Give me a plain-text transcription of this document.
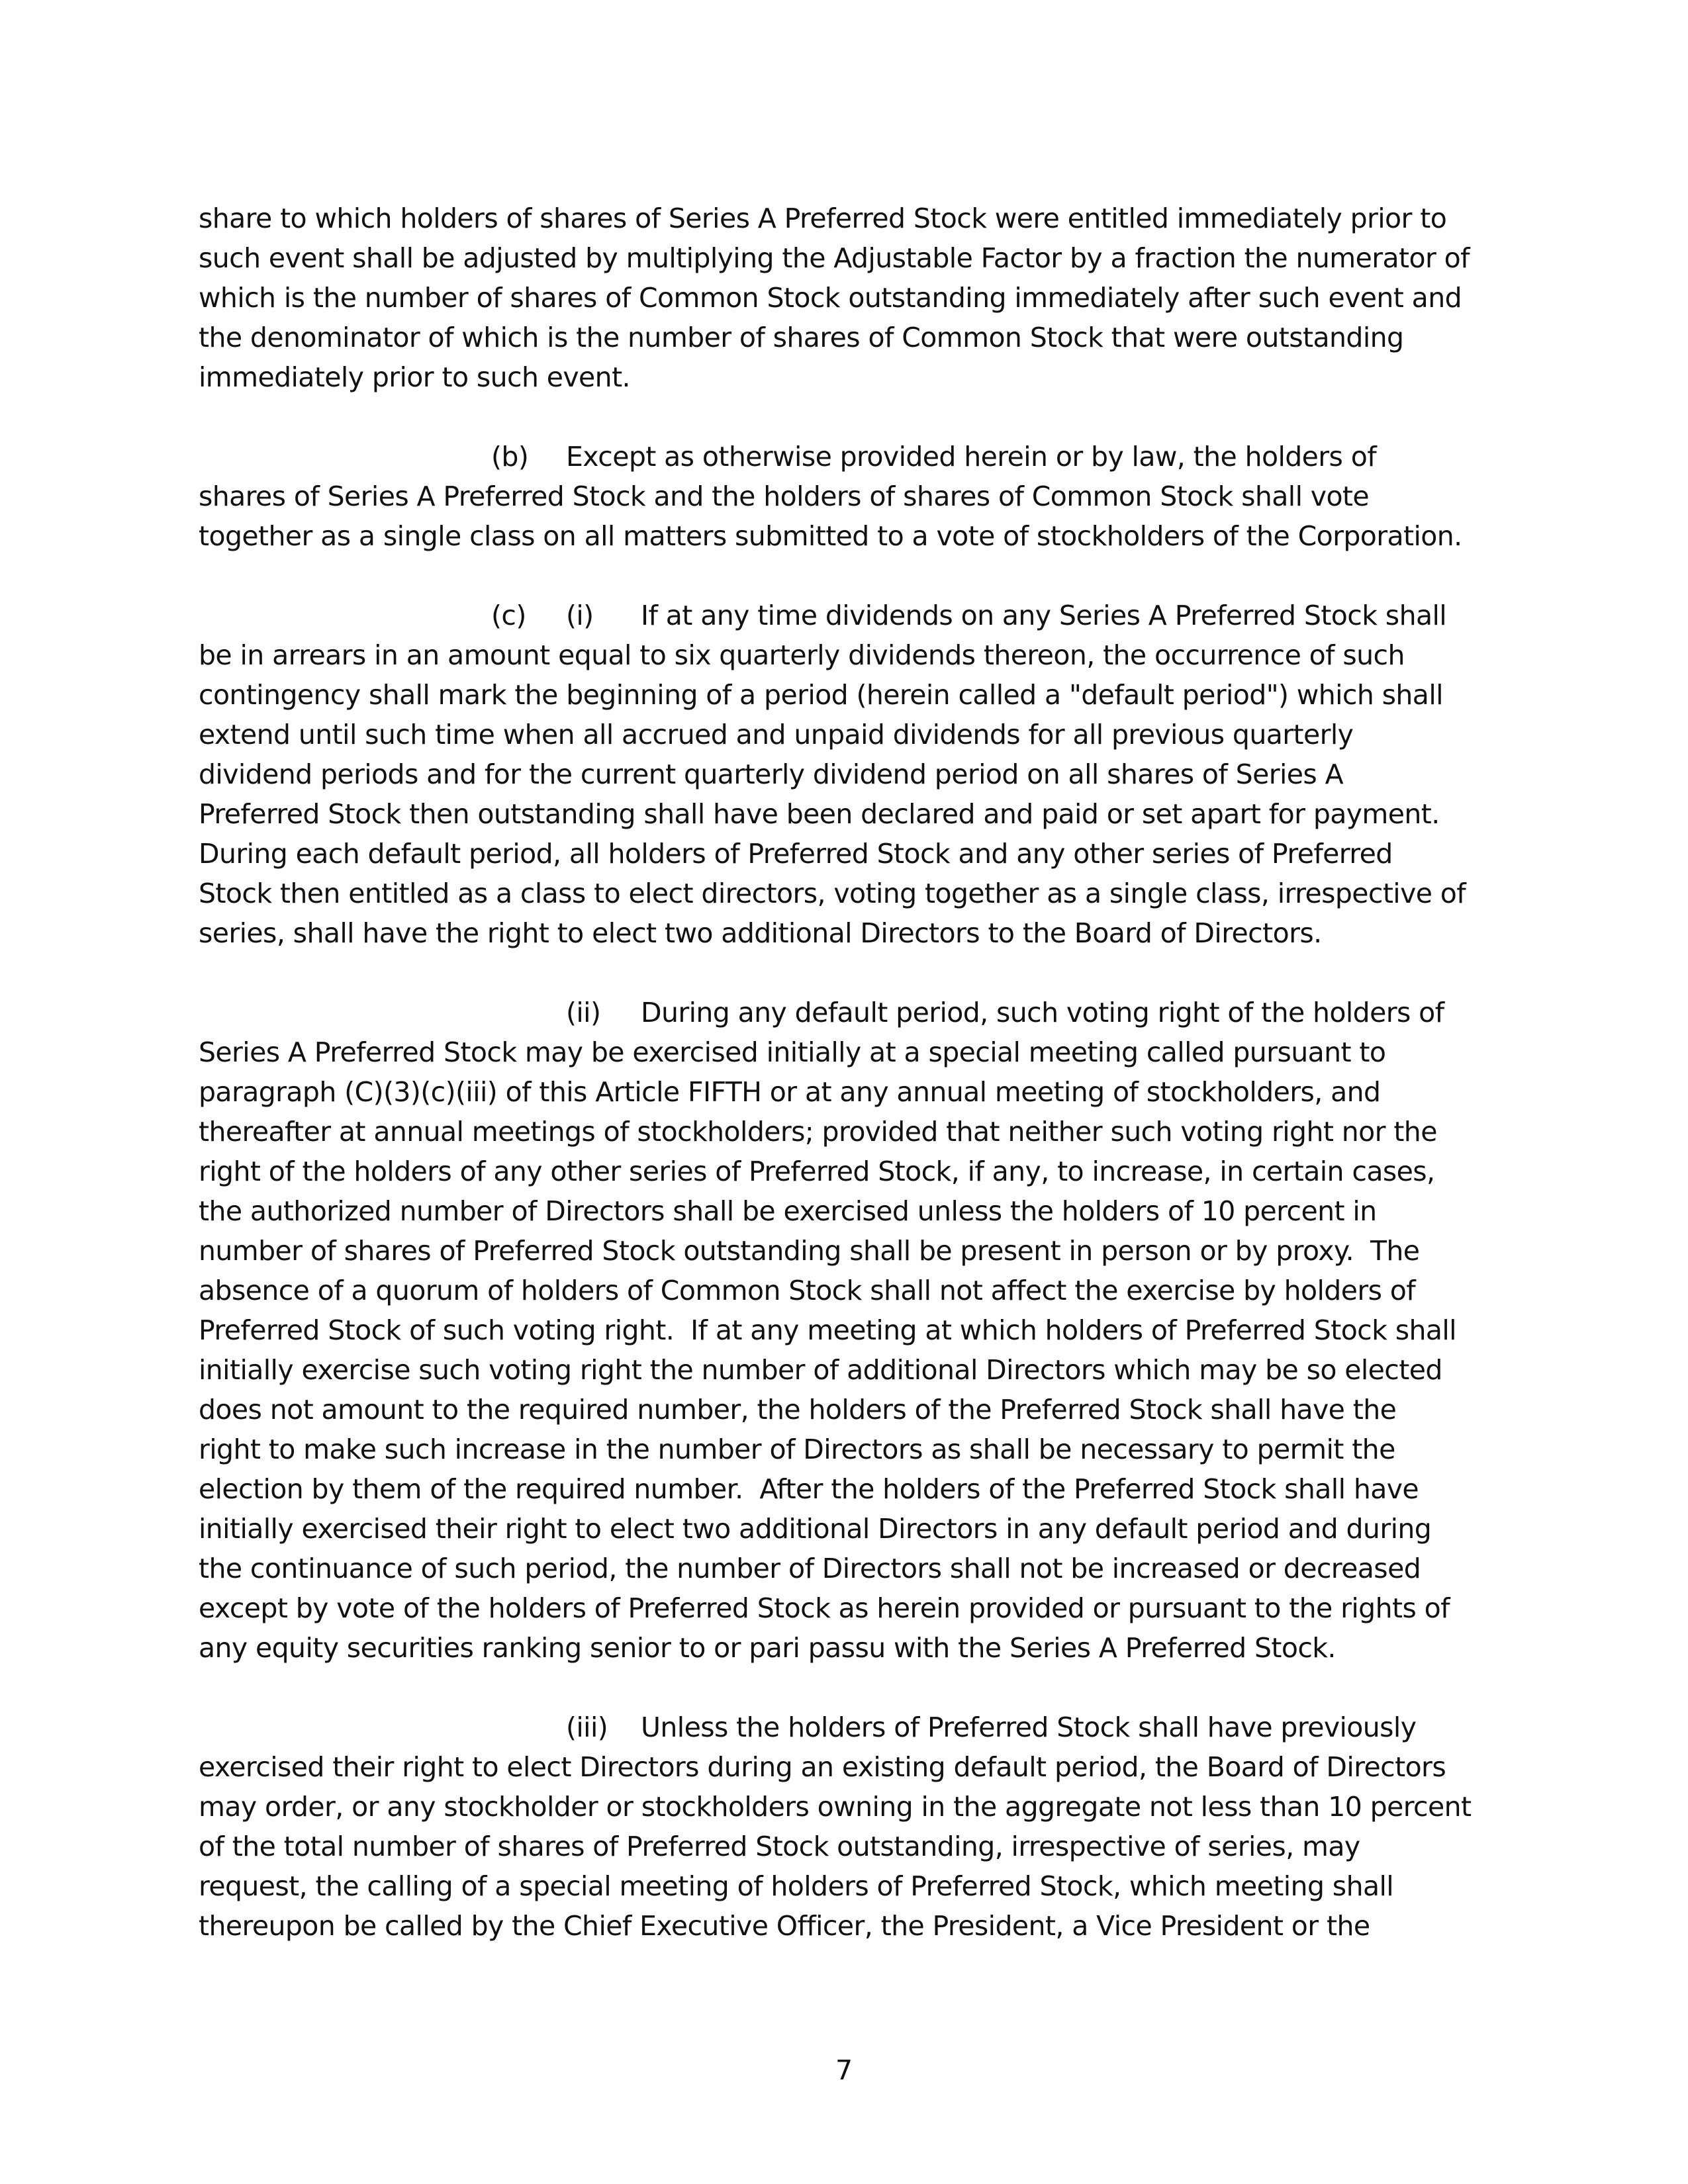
share to which holders of shares of Series A Preferred Stock were entitled immediately prior to
such event shall be adjusted by multiplying the Adjustable Factor by a fraction the numerator of
which is the number of shares of Common Stock outstanding immediately after such event and
the denominator of which is the number of shares of Common Stock that were outstanding
immediately prior to such event.
(b) Except as otherwise provided herein or by law, the holders of
shares of Series A Preferred Stock and the holders of shares of Common Stock shall vote
together as a single class on all matters submitted to a vote of stockholders of the Corporation.
(c) (i) If at any time dividends on any Series A Preferred Stock shall
be in arrears in an amount equal to six quarterly dividends thereon, the occurrence of such
contingency shall mark the beginning of a period (herein called a "default period") which shall
extend until such time when all accrued and unpaid dividends for all previous quarterly
dividend periods and for the current quarterly dividend period on all shares of Series A
Preferred Stock then outstanding shall have been declared and paid or set apart for payment.
During each default period, all holders of Preferred Stock and any other series of Preferred
Stock then entitled as a class to elect directors, voting together as a single class, irrespective of
series, shall have the right to elect two additional Directors to the Board of Directors.
(ii) During any default period, such voting right of the holders of
Series A Preferred Stock may be exercised initially at a special meeting called pursuant to
paragraph (C)(3)(c)(iii) of this Article FIFTH or at any annual meeting of stockholders, and
thereafter at annual meetings of stockholders; provided that neither such voting right nor the
right of the holders of any other series of Preferred Stock, if any, to increase, in certain cases,
the authorized number of Directors shall be exercised unless the holders of 10 percent in
number of shares of Preferred Stock outstanding shall be present in person or by proxy.  The
absence of a quorum of holders of Common Stock shall not affect the exercise by holders of
Preferred Stock of such voting right.  If at any meeting at which holders of Preferred Stock shall
initially exercise such voting right the number of additional Directors which may be so elected
does not amount to the required number, the holders of the Preferred Stock shall have the
right to make such increase in the number of Directors as shall be necessary to permit the
election by them of the required number.  After the holders of the Preferred Stock shall have
initially exercised their right to elect two additional Directors in any default period and during
the continuance of such period, the number of Directors shall not be increased or decreased
except by vote of the holders of Preferred Stock as herein provided or pursuant to the rights of
any equity securities ranking senior to or pari passu with the Series A Preferred Stock.
(iii) Unless the holders of Preferred Stock shall have previously
exercised their right to elect Directors during an existing default period, the Board of Directors
may order, or any stockholder or stockholders owning in the aggregate not less than 10 percent
of the total number of shares of Preferred Stock outstanding, irrespective of series, may
request, the calling of a special meeting of holders of Preferred Stock, which meeting shall
thereupon be called by the Chief Executive Officer, the President, a Vice President or the
7
